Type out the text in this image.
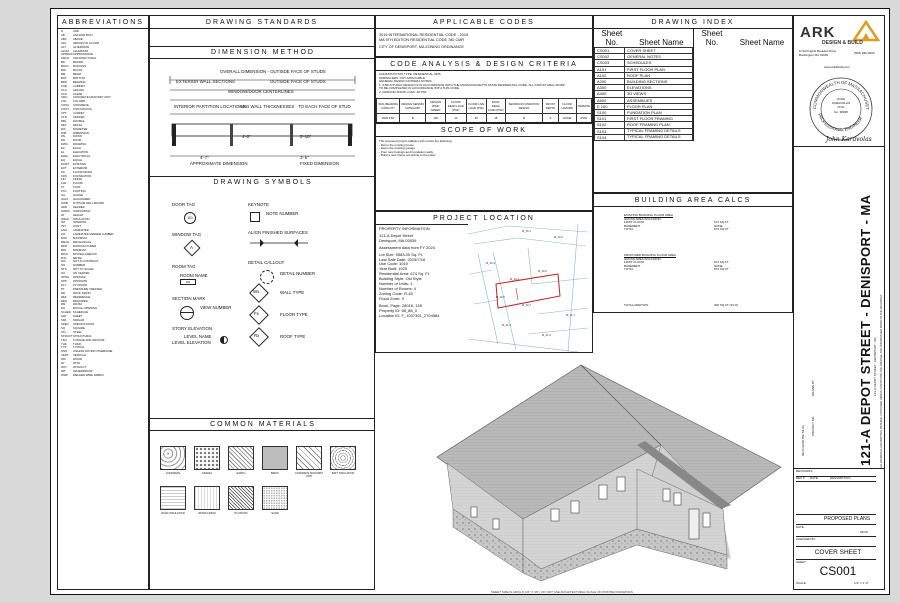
ABBREVIATIONS
&	AND
AB	ANCHOR BOLT
ABV	ABOVE
AFF	ABOVE FIN. FLOOR
ALT	ALTERNATE
ALUM	ALUMINUM
APPROX APPROXIMATE
ARCH	ARCHITECTURAL
BD	BOARD
BLDG	BUILDING
BLK	BLOCK
BM	BEAM
BOT	BOTTOM
BRG	BEARING
CAB	CABINET
CLG	CEILING
CLR	CLEAR
CMU	CONCRETE MASONRY UNIT
COL	COLUMN
CONC	CONCRETE
CONT	CONTINUOUS
CPT	CARPET
CTR	CENTER
DBL	DOUBLE
DET	DETAIL
DIA	DIAMETER
DIM	DIMENSION
DN	DOWN
DR	DOOR
DWG	DRAWING
EA	EACH
EL	ELEVATION
ELEC	ELECTRICAL
EQ	EQUAL
EXIST	EXISTING
EXT	EXTERIOR
FD	FLOOR DRAIN
FDN	FOUNDATION
FIN	FINISH
FLR	FLOOR
FT	FOOT
FTG	FOOTING
GA	GAUGE
GALV	GALVANIZED
GWB	GYPSUM WALL BOARD
HDR	HEADER
HORIZ	HORIZONTAL
HT	HEIGHT
INSUL	INSULATION
INT	INTERIOR
JST	JOIST
LAM	LAMINATED
LVL	LAMINATED VENEER LUMBER
MAX	MAXIMUM
MECH	MECHANICAL
MFR	MANUFACTURER
MIN	MINIMUM
MISC	MISCELLANEOUS
MTL	METAL
NIC	NOT IN CONTRACT
NO	NUMBER
NTS	NOT TO SCALE
OC	ON CENTER
OPNG	OPENING
OPP	OPPOSITE
PLY	PLYWOOD
PT	PRESSURE TREATED
RD	ROOF DRAIN
REF	REFERENCE
REQ	REQUIRED
RM	ROOM
RO	ROUGH OPENING
SCHED SCHEDULE
SHT	SHEET
SIM	SIMILAR
SPEC	SPECIFICATION
SQ	SQUARE
STL	STEEL
STRUCT STRUCTURAL
T&G	TONGUE AND GROOVE
THK	THICK
TYP	TYPICAL
UNO	UNLESS NOTED OTHERWISE
VERT	VERTICAL
WD	WOOD
W/	WITH
W/O	WITHOUT
WP	WATERPROOF
WWF	WELDED WIRE FABRIC
DRAWING STANDARDS
DIMENSION METHOD
OVERALL DIMENSION - OUTSIDE FACE OF STUDS
EXTERIOR WALL SECTIONS	OUTSIDE FACE OF STUDS
WINDOW/DOOR CENTERLINES
INTERIOR PARTITION LOCATIONS
AND WALL THICKNESSES TO EACH FACE OF STUD
4'-0"	5'-10"
4'-7"	3'-5"
APPROXIMATE DIMENSION	FIXED DIMENSION
DRAWING SYMBOLS
DOOR TAG
101
KEYNOTE
NOTE NUMBER
ALIGN FINISHED SURFACES
WINDOW TAG
A
DETAIL CALLOUT
DETAIL NUMBER
ROOM TAG
ROOM NAME
101
SECTION MARK
VIEW NUMBER
Wx	WALL TYPE
Fx	FLOOR TYPE
Rx	ROOF TYPE
STORY ELEVATION
LEVEL NAME
LEVEL ELEVATION
COMMON MATERIALS
CONCRETE	GRAVEL	EARTH	BRICK	CONCRETE MASONRY UNIT
BATT INSULATION
RIGID INSULATION	WOOD FINISH	PLYWOOD	SAND
APPLICABLE CODES
2015 INTERNATIONAL RESIDENTIAL CODE - 2015
MA 9TH EDITION RESIDENTIAL CODE 780 CMR
CITY OF DENISPORT, MA ZONING ORDINANCE
CODE ANALYSIS & DESIGN CRITERIA
CONSTRUCTION TYPE: RESIDENTIAL 3405
SPRINKLERS: NOT APPLICABLE
GENERAL DESIGN CRITERIA NOTES:
1. STRUCTURAL DESIGN IS IN ACCORDANCE WITH THE MASSACHUSETTS STATE RESIDENTIAL CODE. ALL STRUCTURAL WORK
TO BE COMPLETED IN ACCORDANCE WITH THIS CODE.
2. GROUND SNOW LOAD: 40 PSF
SOIL BEARING CAPACITY	DESIGN SEISMIC CATEGORY	DESIGN WIND SPEED	FLOOR DEAD LOAD (PSF)	FLOOR LIVE LOAD (PSF)	ROOF DEAD LOAD (PSF)	SEISMIC/FOUNDATION DESIGN	FROST DEPTH	FLOOD HAZARD	TERMITE
3000 PSF	B	140	10	40	15	B	4'	NONE	MOD
SCOPE OF WORK
The proposed project addition will consist the following:
- Demo the existing house
- Demo the existing garage
- Pour new footings and foundation walls
- Build a new house according to the plans
PROJECT LOCATION
PROPERTY INFORMATION

121-A Depot Street
Denisport, MA 02639

Assessment data from FY 2024

Lot Size: 9583.00 Sq. Ft.
Last Sale Date: 2015/7/16
Use Code: 1010
Year Built: 1920
Residential Area: 674 Sq. Ft.
Building Style: Old Style
Number of Units: 1
Number of Rooms: 4
Zoning Code: R-40
Flood Zone: X

Book, Page: 28016, 155
Property ID: 58_88_0
Location ID: F_1037391_2704584
M_20-1
M_20-2
M_20-3
M_20-4
M_20-5
M_20-6
M_20-7
M_21-1
M_21-2
M_21-3
DRAWING INDEX
Sheet
No.	Sheet Name
CS001	COVER SHEET
CS002	GENERAL NOTES
CS003	SCHEDULES
A101	FIRST FLOOR PLAN
A102	ROOF PLAN
A200	BUILDING SECTIONS
A300	ELEVATIONS
A400	3D VIEWS
A500	ASSEMBLIES
E 100	FLOOR PLAN
S100	FUNDATION PLAN
S101	FIRST FLOOR FRAMING
S102	ROOF FRAMING PLAN
S103	TYPICAL FRAMING DETAILS
S104	TYPICAL FRAMING DETAILS
Sheet
No.	Sheet Name
BUILDING AREA CALCS
EXISTING BUILDING FLOOR AREA
GROSS AREA INCLUDING:
FIRST FLOOR	674 SQ.FT
BASEMENT	NONE
TOTAL	674 SQ.FT
PROPOSED BUILDING FLOOR AREA
GROSS AREA INCLUDING:
FIRST FLOOR	974 SQ.FT
BASEMENT	NONE
TOTAL	974 SQ.FT
TOTAL ADDITION	300 SQ.FT (44 %)
ARK
DESIGN & BUILD
5 Northrights Broaded Drive
Buckington MA 01952	(508) 299-0200
www.arkdbuild.com
COMMONWEALTH OF MASSACHUSET
PROFESSIONAL ENGINEER
JOHN KARAVOLAS
CIVIL
No. 38495
John Karavolas
121-A DEPOT STREET - DENISPORT - MA 121-A DEPOT STREET - DENISPORT - MA
RETA MARTINE SILVA PROJECT NO.
DRAWN BY	ALL DRAWINGS AND WRITTEN MATERIAL CONTAINED HEREIN CONSTITUTE THE ORIGINAL AND UNPUBLISHED WORK OF THE ARCHITECT
REVISIONS
REV #	DATE	DESCRIPTION
PROPOSED PLANS
DATE
02/18
CHECKED BY
COVER SHEET
SHEET
CS001
SCALE	1/4" = 1'-0"
SHEET SIZE IS ARCH D (24" X 36"). DO NOT USE ARCHITECTURAL SCALE ON PRINTED DRAWINGS
